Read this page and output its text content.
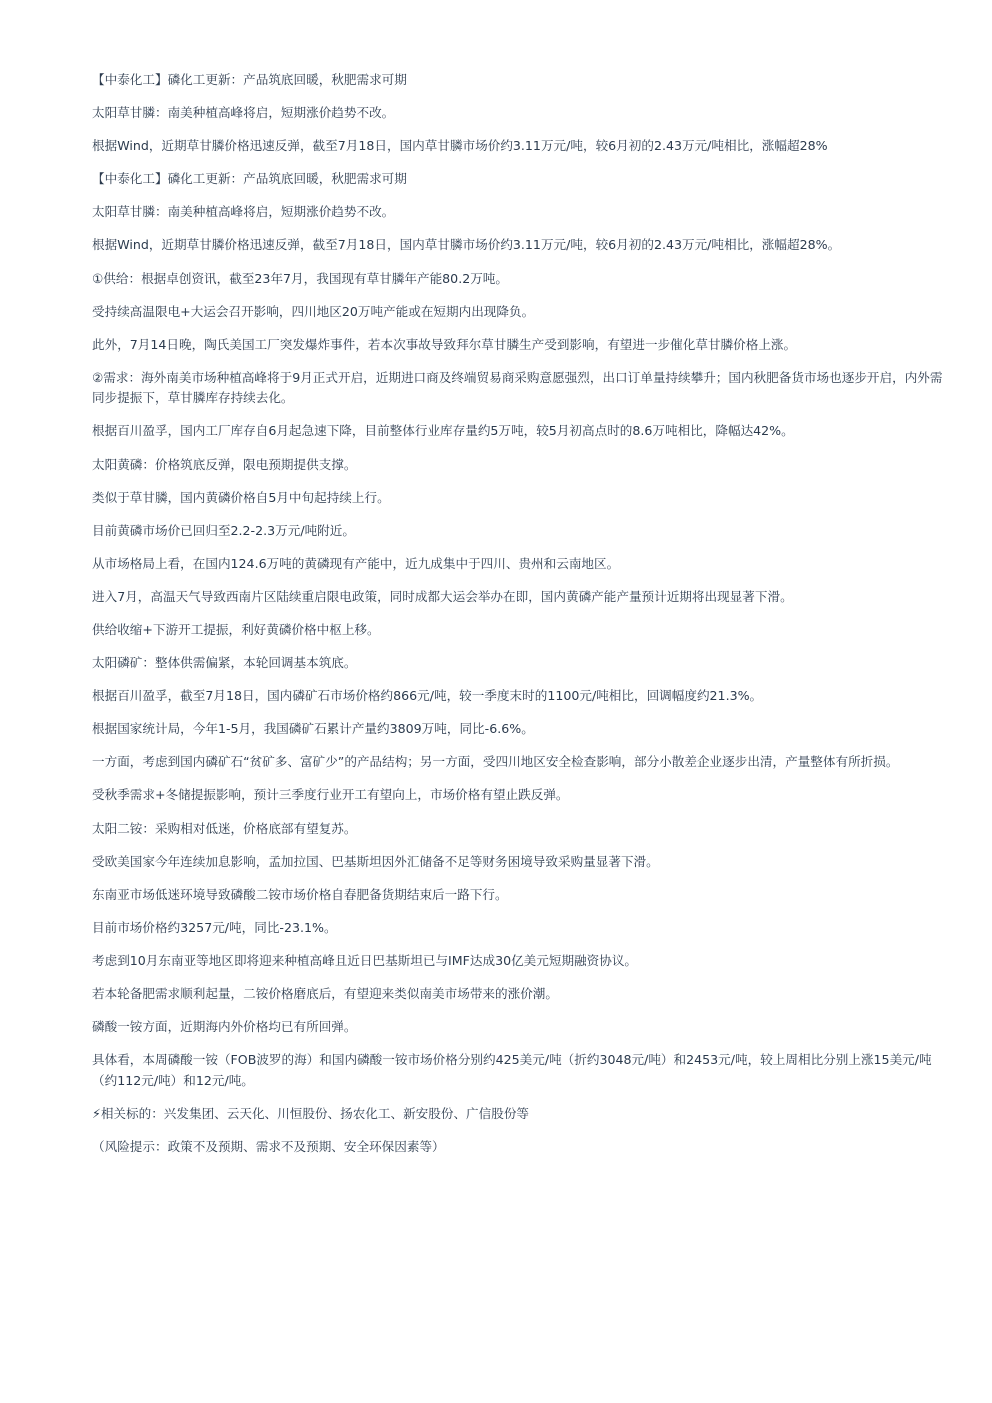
【中泰化工】磷化工更新：产品筑底回暖，秋肥需求可期

太阳草甘膦：南美种植高峰将启，短期涨价趋势不改。

根据Wind，近期草甘膦价格迅速反弹，截至7月18日，国内草甘膦市场价约3.11万元/吨，较6月初的2.43万元/吨相比，涨幅超28%

【中泰化工】磷化工更新：产品筑底回暖，秋肥需求可期

太阳草甘膦：南美种植高峰将启，短期涨价趋势不改。

根据Wind，近期草甘膦价格迅速反弹，截至7月18日，国内草甘膦市场价约3.11万元/吨，较6月初的2.43万元/吨相比，涨幅超28%。

①供给：根据卓创资讯，截至23年7月，我国现有草甘膦年产能80.2万吨。

受持续高温限电+大运会召开影响，四川地区20万吨产能或在短期内出现降负。

此外，7月14日晚，陶氏美国工厂突发爆炸事件，若本次事故导致拜尔草甘膦生产受到影响，有望进一步催化草甘膦价格上涨。

②需求：海外南美市场种植高峰将于9月正式开启，近期进口商及终端贸易商采购意愿强烈，出口订单量持续攀升；国内秋肥备货市场也逐步开启，内外需同步提振下，草甘膦库存持续去化。

根据百川盈孚，国内工厂库存自6月起急速下降，目前整体行业库存量约5万吨，较5月初高点时的8.6万吨相比，降幅达42%。

太阳黄磷：价格筑底反弹，限电预期提供支撑。

类似于草甘膦，国内黄磷价格自5月中旬起持续上行。

目前黄磷市场价已回归至2.2-2.3万元/吨附近。

从市场格局上看，在国内124.6万吨的黄磷现有产能中，近九成集中于四川、贵州和云南地区。

进入7月，高温天气导致西南片区陆续重启限电政策，同时成都大运会举办在即，国内黄磷产能产量预计近期将出现显著下滑。

供给收缩+下游开工提振，利好黄磷价格中枢上移。

太阳磷矿：整体供需偏紧，本轮回调基本筑底。

根据百川盈孚，截至7月18日，国内磷矿石市场价格约866元/吨，较一季度末时的1100元/吨相比，回调幅度约21.3%。

根据国家统计局，今年1-5月，我国磷矿石累计产量约3809万吨，同比-6.6%。

一方面，考虑到国内磷矿石“贫矿多、富矿少”的产品结构；另一方面，受四川地区安全检查影响，部分小散差企业逐步出清，产量整体有所折损。

受秋季需求+冬储提振影响，预计三季度行业开工有望向上，市场价格有望止跌反弹。

太阳二铵：采购相对低迷，价格底部有望复苏。

受欧美国家今年连续加息影响，孟加拉国、巴基斯坦因外汇储备不足等财务困境导致采购量显著下滑。

东南亚市场低迷环境导致磷酸二铵市场价格自春肥备货期结束后一路下行。

目前市场价格约3257元/吨，同比-23.1%。

考虑到10月东南亚等地区即将迎来种植高峰且近日巴基斯坦已与IMF达成30亿美元短期融资协议。

若本轮备肥需求顺利起量，二铵价格磨底后，有望迎来类似南美市场带来的涨价潮。

磷酸一铵方面，近期海内外价格均已有所回弹。

具体看，本周磷酸一铵（FOB波罗的海）和国内磷酸一铵市场价格分别约425美元/吨（折约3048元/吨）和2453元/吨，较上周相比分别上涨15美元/吨（约112元/吨）和12元/吨。

⚡相关标的：兴发集团、云天化、川恒股份、扬农化工、新安股份、广信股份等

（风险提示：政策不及预期、需求不及预期、安全环保因素等）
